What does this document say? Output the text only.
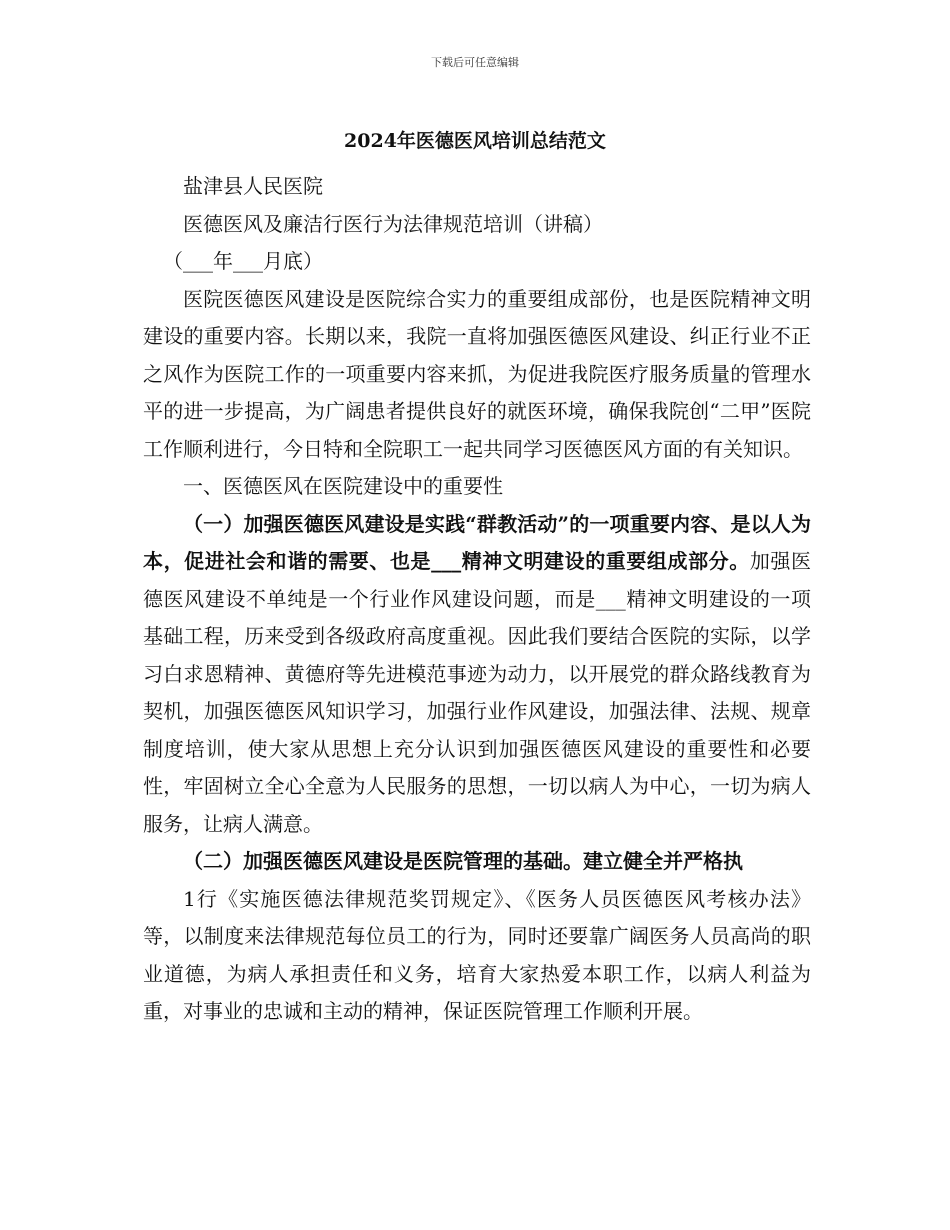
下载后可任意编辑
2024年医德医风培训总结范文

盐津县人民医院

医德医风及廉洁行医行为法律规范培训（讲稿）

（___年___月底）

医院医德医风建设是医院综合实力的重要组成部份，也是医院精神文明建设的重要内容。长期以来，我院一直将加强医德医风建设、纠正行业不正之风作为医院工作的一项重要内容来抓，为促进我院医疗服务质量的管理水平的进一步提高，为广阔患者提供良好的就医环境，确保我院创“二甲”医院工作顺利进行，今日特和全院职工一起共同学习医德医风方面的有关知识。

一、医德医风在医院建设中的重要性

（一）加强医德医风建设是实践“群教活动”的一项重要内容、是以人为本，促进社会和谐的需要、也是___精神文明建设的重要组成部分。加强医德医风建设不单纯是一个行业作风建设问题，而是___精神文明建设的一项基础工程，历来受到各级政府高度重视。因此我们要结合医院的实际，以学习白求恩精神、黄德府等先进模范事迹为动力，以开展党的群众路线教育为契机，加强医德医风知识学习，加强行业作风建设，加强法律、法规、规章制度培训，使大家从思想上充分认识到加强医德医风建设的重要性和必要性，牢固树立全心全意为人民服务的思想，一切以病人为中心，一切为病人服务，让病人满意。

（二）加强医德医风建设是医院管理的基础。建立健全并严格执

1行《实施医德法律规范奖罚规定》、《医务人员医德医风考核办法》等，以制度来法律规范每位员工的行为，同时还要靠广阔医务人员高尚的职业道德，为病人承担责任和义务，培育大家热爱本职工作，以病人利益为重，对事业的忠诚和主动的精神，保证医院管理工作顺利开展。
